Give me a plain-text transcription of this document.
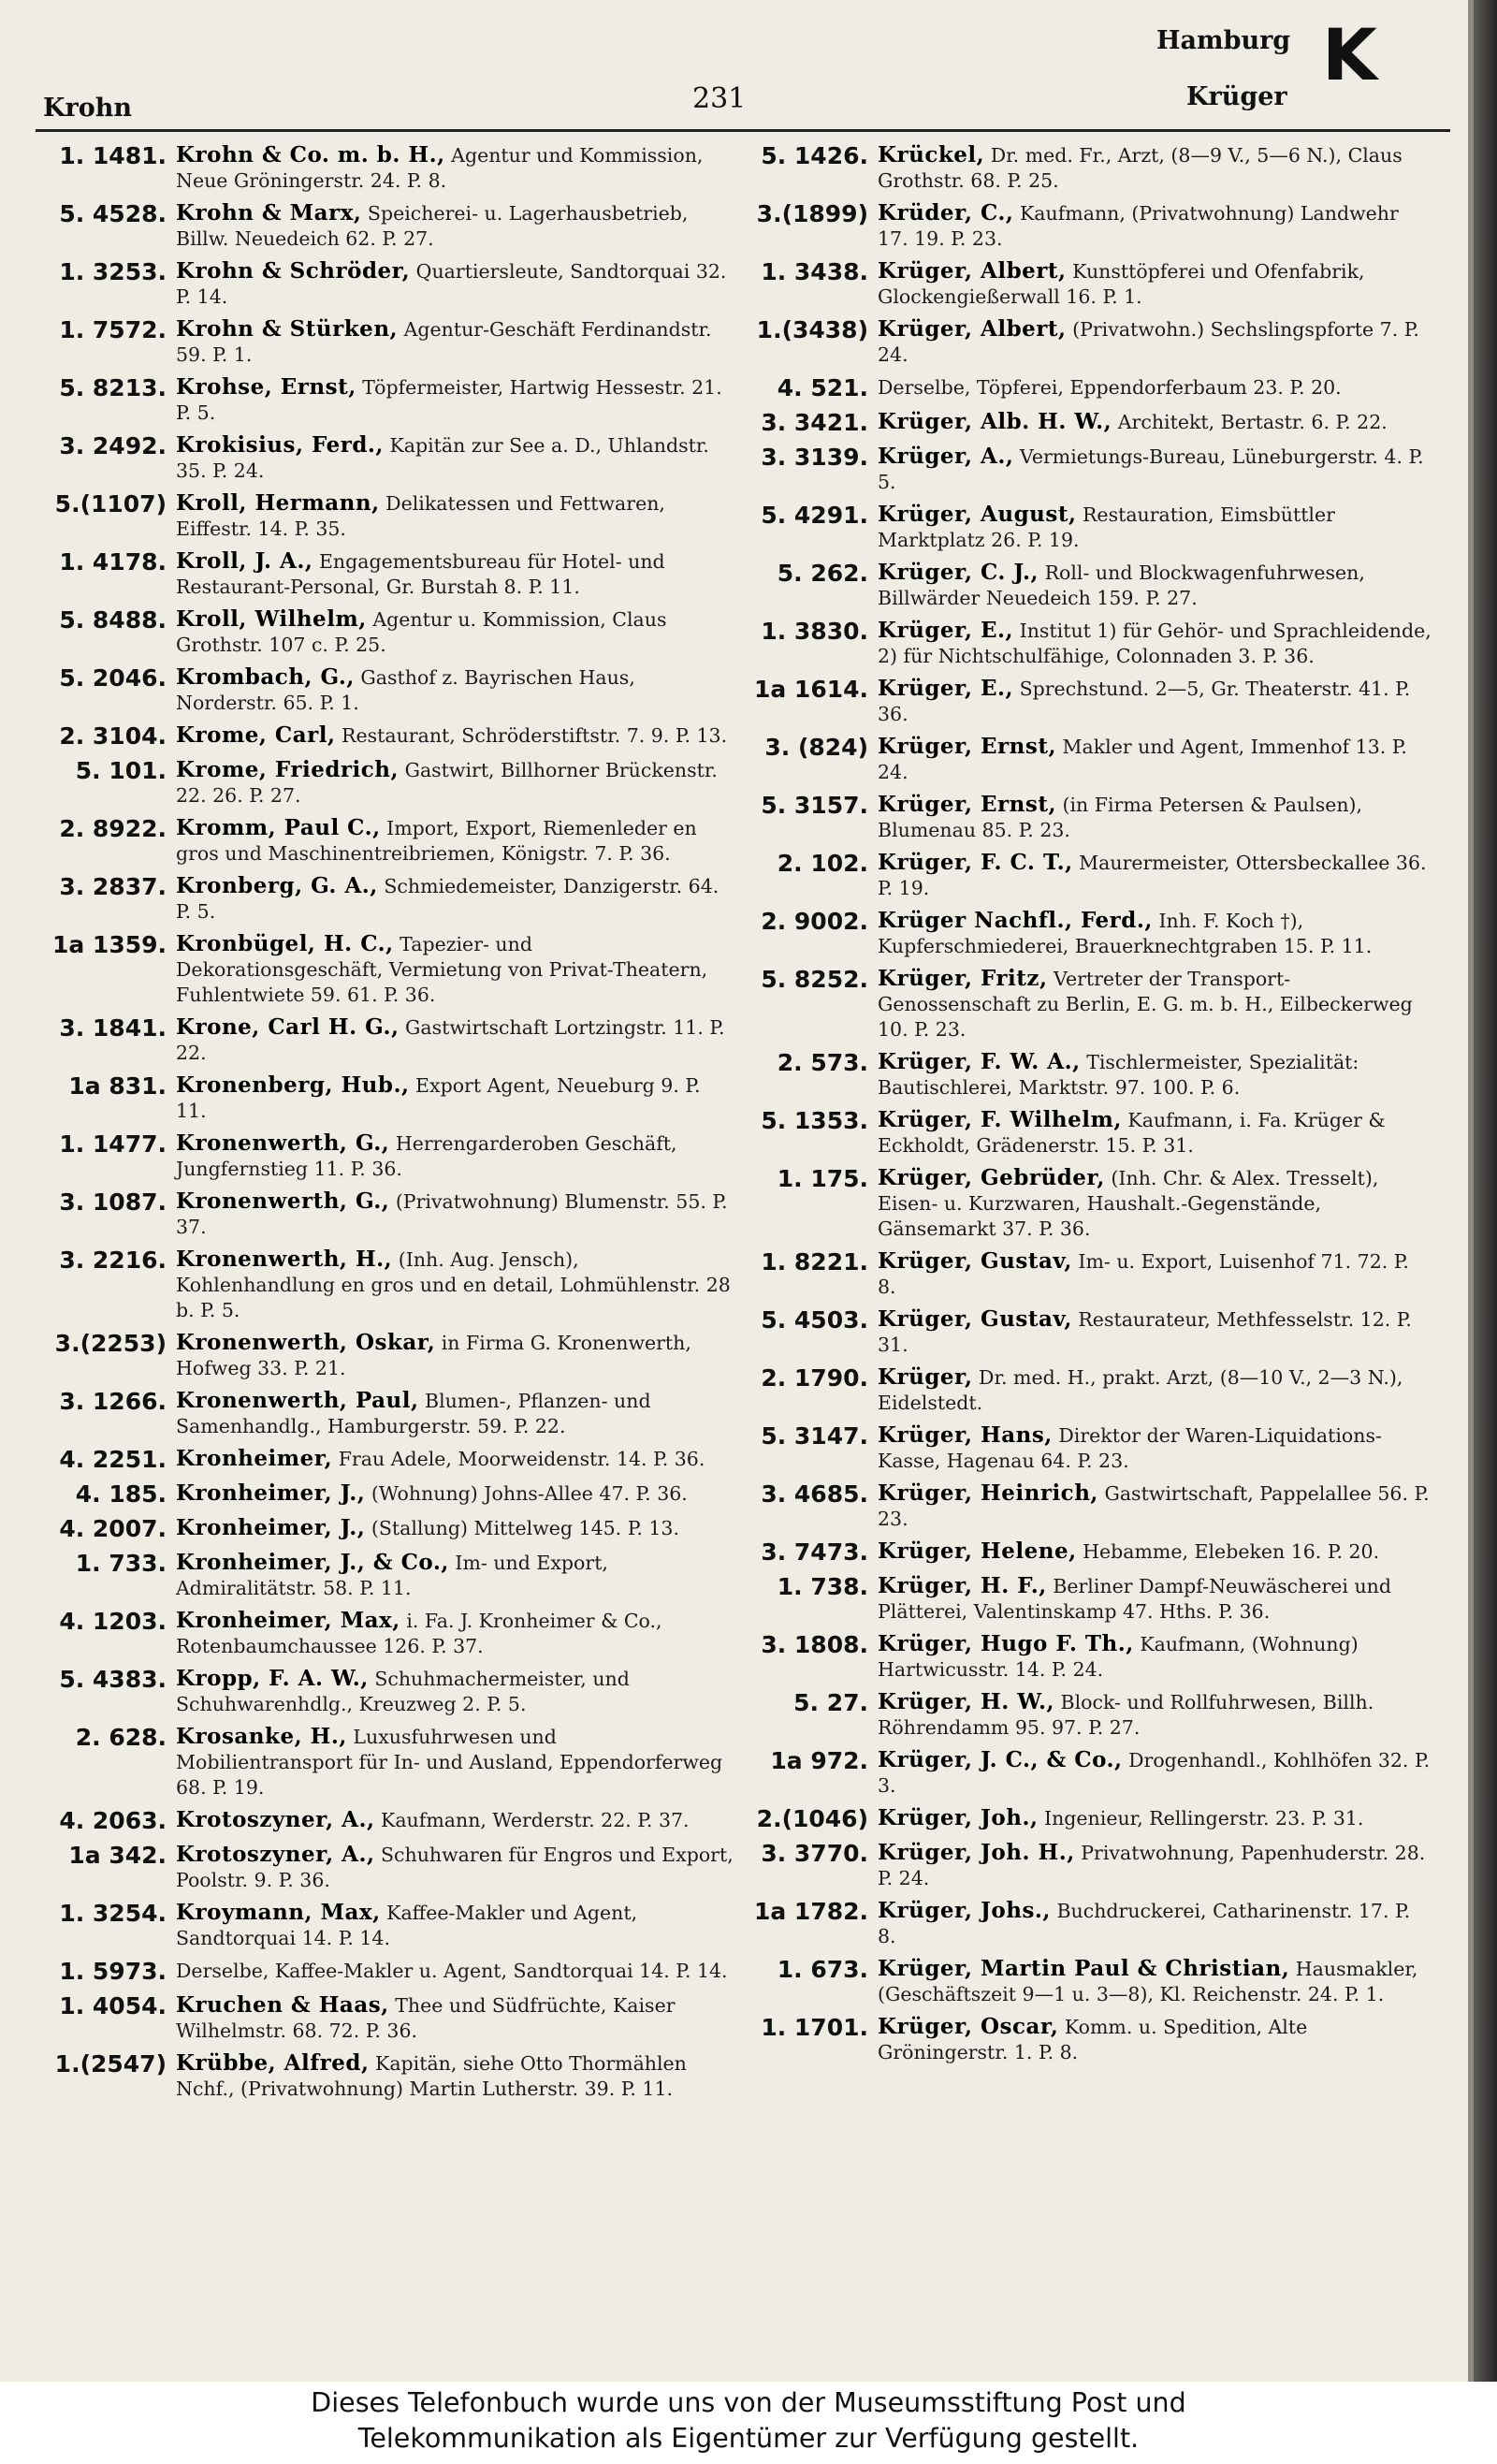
Krohn	231
Hamburg K
Krüger
1. 1481. Krohn & Co. m. b. H., Agentur und Kommission, Neue Gröningerstr. 24. P. 8.
5. 4528. Krohn & Marx, Speicherei- u. Lagerhausbetrieb, Billw. Neuedeich 62. P. 27.
1. 3253. Krohn & Schröder, Quartiersleute, Sandtorquai 32. P. 14.
1. 7572. Krohn & Stürken, Agentur-Geschäft Ferdinandstr. 59. P. 1.
5. 8213. Krohse, Ernst, Töpfermeister, Hartwig Hessestr. 21. P. 5.
3. 2492. Krokisius, Ferd., Kapitän zur See a. D., Uhlandstr. 35. P. 24.
5.(1107) Kroll, Hermann, Delikatessen und Fettwaren, Eiffestr. 14. P. 35.
1. 4178. Kroll, J. A., Engagementsbureau für Hotel- und Restaurant-Personal, Gr. Burstah 8. P. 11.
5. 8488. Kroll, Wilhelm, Agentur u. Kommission, Claus Grothstr. 107 c. P. 25.
5. 2046. Krombach, G., Gasthof z. Bayrischen Haus, Norderstr. 65. P. 1.
2. 3104. Krome, Carl, Restaurant, Schröderstiftstr. 7. 9. P. 13.
5. 101. Krome, Friedrich, Gastwirt, Billhorner Brückenstr. 22. 26. P. 27.
2. 8922. Kromm, Paul C., Import, Export, Riemenleder en gros und Maschinentreibriemen, Königstr. 7. P. 36.
3. 2837. Kronberg, G. A., Schmiedemeister, Danzigerstr. 64. P. 5.
1a 1359. Kronbügel, H. C., Tapezier- und Dekorationsgeschäft, Vermietung von Privat-Theatern, Fuhlentwiete 59. 61. P. 36.
3. 1841. Krone, Carl H. G., Gastwirtschaft Lortzingstr. 11. P. 22.
1a 831. Kronenberg, Hub., Export Agent, Neueburg 9. P. 11.
1. 1477. Kronenwerth, G., Herrengarderoben Geschäft, Jungfernstieg 11. P. 36.
3. 1087. Kronenwerth, G., (Privatwohnung) Blumenstr. 55. P. 37.
3. 2216. Kronenwerth, H., (Inh. Aug. Jensch), Kohlenhandlung en gros und en detail, Lohmühlenstr. 28 b. P. 5.
3.(2253) Kronenwerth, Oskar, in Firma G. Kronenwerth, Hofweg 33. P. 21.
3. 1266. Kronenwerth, Paul, Blumen-, Pflanzen- und Samenhandlg., Hamburgerstr. 59. P. 22.
4. 2251. Kronheimer, Frau Adele, Moorweidenstr. 14. P. 36.
4. 185. Kronheimer, J., (Wohnung) Johns-Allee 47. P. 36.
4. 2007. Kronheimer, J., (Stallung) Mittelweg 145. P. 13.
1. 733. Kronheimer, J., & Co., Im- und Export, Admiralitätstr. 58. P. 11.
4. 1203. Kronheimer, Max, i. Fa. J. Kronheimer & Co., Rotenbaumchaussee 126. P. 37.
5. 4383. Kropp, F. A. W., Schuhmachermeister, und Schuhwarenhdlg., Kreuzweg 2. P. 5.
2. 628. Krosanke, H., Luxusfuhrwesen und Mobilientransport für In- und Ausland, Eppendorferweg 68. P. 19.
4. 2063. Krotoszyner, A., Kaufmann, Werderstr. 22. P. 37.
1a 342. Krotoszyner, A., Schuhwaren für Engros und Export, Poolstr. 9. P. 36.
1. 3254. Kroymann, Max, Kaffee-Makler und Agent, Sandtorquai 14. P. 14.
1. 5973. Derselbe, Kaffee-Makler u. Agent, Sandtorquai 14. P. 14.
1. 4054. Kruchen & Haas, Thee und Südfrüchte, Kaiser Wilhelmstr. 68. 72. P. 36.
1.(2547) Krübbe, Alfred, Kapitän, siehe Otto Thormählen Nchf., (Privatwohnung) Martin Lutherstr. 39. P. 11.
5. 1426. Krückel, Dr. med. Fr., Arzt, (8—9 V., 5—6 N.), Claus Grothstr. 68. P. 25.
3.(1899) Krüder, C., Kaufmann, (Privatwohnung) Landwehr 17. 19. P. 23.
1. 3438. Krüger, Albert, Kunsttöpferei und Ofenfabrik, Glockengießerwall 16. P. 1.
1.(3438) Krüger, Albert, (Privatwohn.) Sechslingspforte 7. P. 24.
4. 521. Derselbe, Töpferei, Eppendorferbaum 23. P. 20.
3. 3421. Krüger, Alb. H. W., Architekt, Bertastr. 6. P. 22.
3. 3139. Krüger, A., Vermietungs-Bureau, Lüneburgerstr. 4. P. 5.
5. 4291. Krüger, August, Restauration, Eimsbüttler Marktplatz 26. P. 19.
5. 262. Krüger, C. J., Roll- und Blockwagenfuhrwesen, Billwärder Neuedeich 159. P. 27.
1. 3830. Krüger, E., Institut 1) für Gehör- und Sprachleidende, 2) für Nichtschulfähige, Colonnaden 3. P. 36.
1a 1614. Krüger, E., Sprechstund. 2—5, Gr. Theaterstr. 41. P. 36.
3. (824) Krüger, Ernst, Makler und Agent, Immenhof 13. P. 24.
5. 3157. Krüger, Ernst, (in Firma Petersen & Paulsen), Blumenau 85. P. 23.
2. 102. Krüger, F. C. T., Maurermeister, Ottersbeckallee 36. P. 19.
2. 9002. Krüger Nachfl., Ferd., Inh. F. Koch †), Kupferschmiederei, Brauerknechtgraben 15. P. 11.
5. 8252. Krüger, Fritz, Vertreter der Transport-Genossenschaft zu Berlin, E. G. m. b. H., Eilbeckerweg 10. P. 23.
2. 573. Krüger, F. W. A., Tischlermeister, Spezialität: Bautischlerei, Marktstr. 97. 100. P. 6.
5. 1353. Krüger, F. Wilhelm, Kaufmann, i. Fa. Krüger & Eckholdt, Grädenerstr. 15. P. 31.
1. 175. Krüger, Gebrüder, (Inh. Chr. & Alex. Tresselt), Eisen- u. Kurzwaren, Haushalt.-Gegenstände, Gänsemarkt 37. P. 36.
1. 8221. Krüger, Gustav, Im- u. Export, Luisenhof 71. 72. P. 8.
5. 4503. Krüger, Gustav, Restaurateur, Methfesselstr. 12. P. 31.
2. 1790. Krüger, Dr. med. H., prakt. Arzt, (8—10 V., 2—3 N.), Eidelstedt.
5. 3147. Krüger, Hans, Direktor der Waren-Liquidations-Kasse, Hagenau 64. P. 23.
3. 4685. Krüger, Heinrich, Gastwirtschaft, Pappelallee 56. P. 23.
3. 7473. Krüger, Helene, Hebamme, Elebeken 16. P. 20.
1. 738. Krüger, H. F., Berliner Dampf-Neuwäscherei und Plätterei, Valentinskamp 47. Hths. P. 36.
3. 1808. Krüger, Hugo F. Th., Kaufmann, (Wohnung) Hartwicusstr. 14. P. 24.
5. 27. Krüger, H. W., Block- und Rollfuhrwesen, Billh. Röhrendamm 95. 97. P. 27.
1a 972. Krüger, J. C., & Co., Drogenhandl., Kohlhöfen 32. P. 3.
2.(1046) Krüger, Joh., Ingenieur, Rellingerstr. 23. P. 31.
3. 3770. Krüger, Joh. H., Privatwohnung, Papenhuderstr. 28. P. 24.
1a 1782. Krüger, Johs., Buchdruckerei, Catharinenstr. 17. P. 8.
1. 673. Krüger, Martin Paul & Christian, Hausmakler, (Geschäftszeit 9—1 u. 3—8), Kl. Reichenstr. 24. P. 1.
1. 1701. Krüger, Oscar, Komm. u. Spedition, Alte Gröningerstr. 1. P. 8.
Dieses Telefonbuch wurde uns von der Museumsstiftung Post und
Telekommunikation als Eigentümer zur Verfügung gestellt.
